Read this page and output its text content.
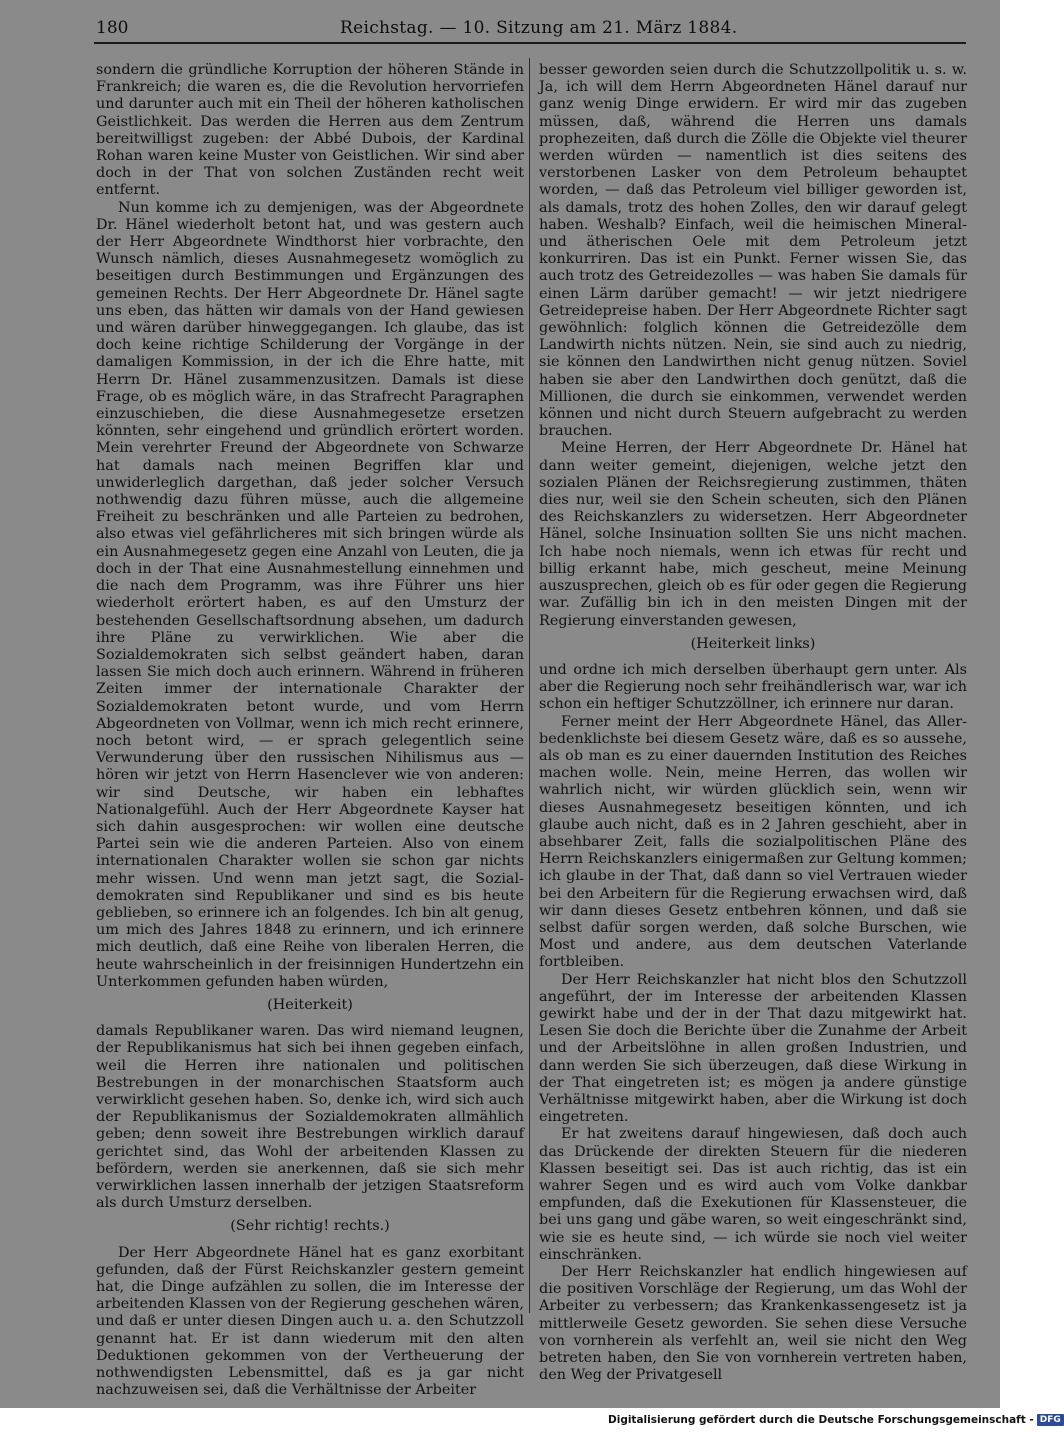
180	Reichstag. — 10. Sitzung am 21. März 1884.

sondern die gründliche Korruption der höheren Stände in Frankreich; die waren es, die die Revolution hervorriefen und darunter auch mit ein Theil der höheren katholischen Geistlichkeit. Das werden die Herren aus dem Zentrum bereitwilligst zugeben: der Abbé Dubois, der Kardinal Rohan waren keine Muster von Geistlichen. Wir sind aber doch in der That von solchen Zuständen recht weit entfernt.

Nun komme ich zu demjenigen, was der Abgeordnete Dr. Hänel wiederholt betont hat, und was gestern auch der Herr Abgeordnete Windthorst hier vorbrachte, den Wunsch nämlich, dieses Ausnahmegesetz womöglich zu beseitigen durch Bestimmungen und Ergänzungen des gemeinen Rechts. Der Herr Abgeordnete Dr. Hänel sagte uns eben, das hätten wir damals von der Hand gewiesen und wären darüber hinweggegangen. Ich glaube, das ist doch keine richtige Schilderung der Vorgänge in der damaligen Kommission, in der ich die Ehre hatte, mit Herrn Dr. Hänel zusammenzusitzen. Damals ist diese Frage, ob es möglich wäre, in das Strafrecht Paragraphen einzuschieben, die diese Ausnahmegesetze ersetzen könnten, sehr eingehend und gründlich erörtert worden. Mein verehrter Freund der Abgeordnete von Schwarze hat damals nach meinen Begriffen klar und unwiderleglich dargethan, daß jeder solcher Versuch nothwendig dazu führen müsse, auch die allgemeine Freiheit zu beschränken und alle Parteien zu bedrohen, also etwas viel gefährlicheres mit sich bringen würde als ein Ausnahmegesetz gegen eine Anzahl von Leuten, die ja doch in der That eine Ausnahmestellung einnehmen und die nach dem Programm, was ihre Führer uns hier wiederholt erörtert haben, es auf den Umsturz der bestehenden Gesellschaftsordnung absehen, um dadurch ihre Pläne zu verwirklichen. Wie aber die Sozialdemokraten sich selbst geändert haben, daran lassen Sie mich doch auch erinnern. Während in früheren Zeiten immer der internationale Charakter der Sozialdemokraten betont wurde, und vom Herrn Abgeordneten von Vollmar, wenn ich mich recht erinnere, noch betont wird, — er sprach gelegentlich seine Verwunderung über den russischen Nihilismus aus — hören wir jetzt von Herrn Hasenclever wie von anderen: wir sind Deutsche, wir haben ein lebhaftes Nationalgefühl. Auch der Herr Abgeordnete Kayser hat sich dahin ausgesprochen: wir wollen eine deutsche Partei sein wie die anderen Parteien. Also von einem internationalen Charakter wollen sie schon gar nichts mehr wissen. Und wenn man jetzt sagt, die Sozialdemokraten sind Republikaner und sind es bis heute geblieben, so erinnere ich an folgendes. Ich bin alt genug, um mich des Jahres 1848 zu erinnern, und ich erinnere mich deutlich, daß eine Reihe von liberalen Herren, die heute wahrscheinlich in der freisinnigen Hundertzehn ein Unterkommen gefunden haben würden,

(Heiterkeit)

damals Republikaner waren. Das wird niemand leugnen, der Republikanismus hat sich bei ihnen gegeben einfach, weil die Herren ihre nationalen und politischen Bestrebungen in der monarchischen Staatsform auch verwirklicht gesehen haben. So, denke ich, wird sich auch der Republikanismus der Sozialdemokraten allmählich geben; denn soweit ihre Bestrebungen wirklich darauf gerichtet sind, das Wohl der arbeitenden Klassen zu befördern, werden sie anerkennen, daß sie sich mehr verwirklichen lassen innerhalb der jetzigen Staatsreform als durch Umsturz derselben.

(Sehr richtig! rechts.)

Der Herr Abgeordnete Hänel hat es ganz exorbitant gefunden, daß der Fürst Reichskanzler gestern gemeint hat, die Dinge aufzählen zu sollen, die im Interesse der arbeitenden Klassen von der Regierung geschehen wären, und daß er unter diesen Dingen auch u. a. den Schutzzoll genannt hat. Er ist dann wiederum mit den alten Deduktionen gekommen von der Vertheuerung der nothwendigsten Lebensmittel, daß es ja gar nicht nachzuweisen sei, daß die Verhältnisse der Arbeiter

besser geworden seien durch die Schutzzollpolitik u. s. w. Ja, ich will dem Herrn Abgeordneten Hänel darauf nur ganz wenig Dinge erwidern. Er wird mir das zugeben müssen, daß, während die Herren uns damals prophezeiten, daß durch die Zölle die Objekte viel theurer werden würden — namentlich ist dies seitens des verstorbenen Lasker von dem Petroleum behauptet worden, — daß das Petroleum viel billiger geworden ist, als damals, trotz des hohen Zolles, den wir darauf gelegt haben. Weshalb? Einfach, weil die heimischen Mineral- und ätherischen Oele mit dem Petroleum jetzt konkurriren. Das ist ein Punkt. Ferner wissen Sie, das auch trotz des Getreidezolles — was haben Sie damals für einen Lärm darüber gemacht! — wir jetzt niedrigere Getreidepreise haben. Der Herr Abgeordnete Richter sagt gewöhnlich: folglich können die Getreidezölle dem Landwirth nichts nützen. Nein, sie sind auch zu niedrig, sie können den Landwirthen nicht genug nützen. Soviel haben sie aber den Landwirthen doch genützt, daß die Millionen, die durch sie einkommen, verwendet werden können und nicht durch Steuern aufgebracht zu werden brauchen.

Meine Herren, der Herr Abgeordnete Dr. Hänel hat dann weiter gemeint, diejenigen, welche jetzt den sozialen Plänen der Reichsregierung zustimmen, thäten dies nur, weil sie den Schein scheuten, sich den Plänen des Reichskanzlers zu widersetzen. Herr Abgeordneter Hänel, solche Insinuation sollten Sie uns nicht machen. Ich habe noch niemals, wenn ich etwas für recht und billig erkannt habe, mich gescheut, meine Meinung auszusprechen, gleich ob es für oder gegen die Regierung war. Zufällig bin ich in den meisten Dingen mit der Regierung einverstanden gewesen,

(Heiterkeit links)

und ordne ich mich derselben überhaupt gern unter. Als aber die Regierung noch sehr freihändlerisch war, war ich schon ein heftiger Schutzzöllner, ich erinnere nur daran.

Ferner meint der Herr Abgeordnete Hänel, das Allerbedenklichste bei diesem Gesetz wäre, daß es so aussehe, als ob man es zu einer dauernden Institution des Reiches machen wolle. Nein, meine Herren, das wollen wir wahrlich nicht, wir würden glücklich sein, wenn wir dieses Ausnahmegesetz beseitigen könnten, und ich glaube auch nicht, daß es in 2 Jahren geschieht, aber in absehbarer Zeit, falls die sozialpolitischen Pläne des Herrn Reichskanzlers einigermaßen zur Geltung kommen; ich glaube in der That, daß dann so viel Vertrauen wieder bei den Arbeitern für die Regierung erwachsen wird, daß wir dann dieses Gesetz entbehren können, und daß sie selbst dafür sorgen werden, daß solche Burschen, wie Most und andere, aus dem deutschen Vaterlande fortbleiben.

Der Herr Reichskanzler hat nicht blos den Schutzzoll angeführt, der im Interesse der arbeitenden Klassen gewirkt habe und der in der That dazu mitgewirkt hat. Lesen Sie doch die Berichte über die Zunahme der Arbeit und der Arbeitslöhne in allen großen Industrien, und dann werden Sie sich überzeugen, daß diese Wirkung in der That eingetreten ist; es mögen ja andere günstige Verhältnisse mitgewirkt haben, aber die Wirkung ist doch eingetreten.

Er hat zweitens darauf hingewiesen, daß doch auch das Drückende der direkten Steuern für die niederen Klassen beseitigt sei. Das ist auch richtig, das ist ein wahrer Segen und es wird auch vom Volke dankbar empfunden, daß die Exekutionen für Klassensteuer, die bei uns gang und gäbe waren, so weit eingeschränkt sind, wie sie es heute sind, — ich würde sie noch viel weiter einschränken.

Der Herr Reichskanzler hat endlich hingewiesen auf die positiven Vorschläge der Regierung, um das Wohl der Arbeiter zu verbessern; das Krankenkassengesetz ist ja mittlerweile Gesetz geworden. Sie sehen diese Versuche von vornherein als verfehlt an, weil sie nicht den Weg betreten haben, den Sie von vornherein vertreten haben, den Weg der Privatgesell

Digitalisierung gefördert durch die Deutsche Forschungsgemeinschaft - DFG
